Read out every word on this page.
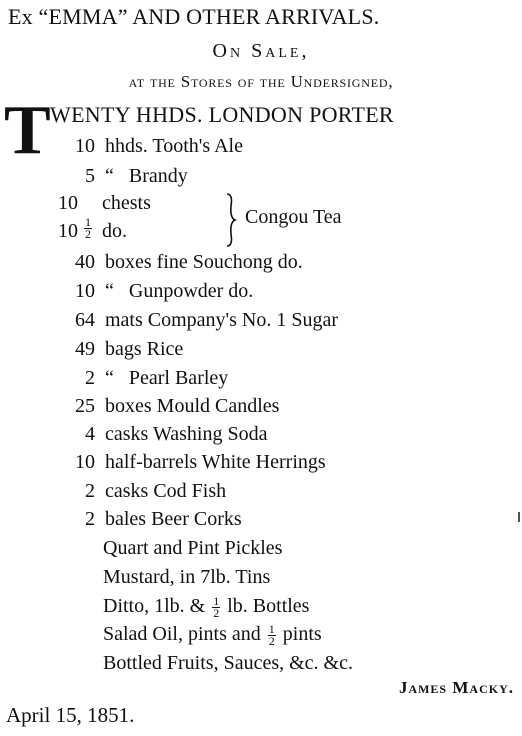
Ex “EMMA” AND OTHER ARRIVALS.
On Sale,
at the Stores of the Undersigned,
T WENTY HHDS. LONDON PORTER
10 hhds. Tooth's Ale
5 “   Brandy
10 chests
$10 \frac{1}{2}$ do.
Congou Tea
40 boxes fine Souchong do.
10 “   Gunpowder do.
64 mats Company's No. 1 Sugar
49 bags Rice
2 “   Pearl Barley
25 boxes Mould Candles
4 casks Washing Soda
10 half-barrels White Herrings
2 casks Cod Fish
2 bales Beer Corks
Quart and Pint Pickles
Mustard, in 7lb. Tins
Ditto, 1lb. & $\frac{1}{2}$ lb. Bottles
Salad Oil, pints and $\frac{1}{2}$ pints
Bottled Fruits, Sauces, &c. &c.
James Macky.
April 15, 1851.
